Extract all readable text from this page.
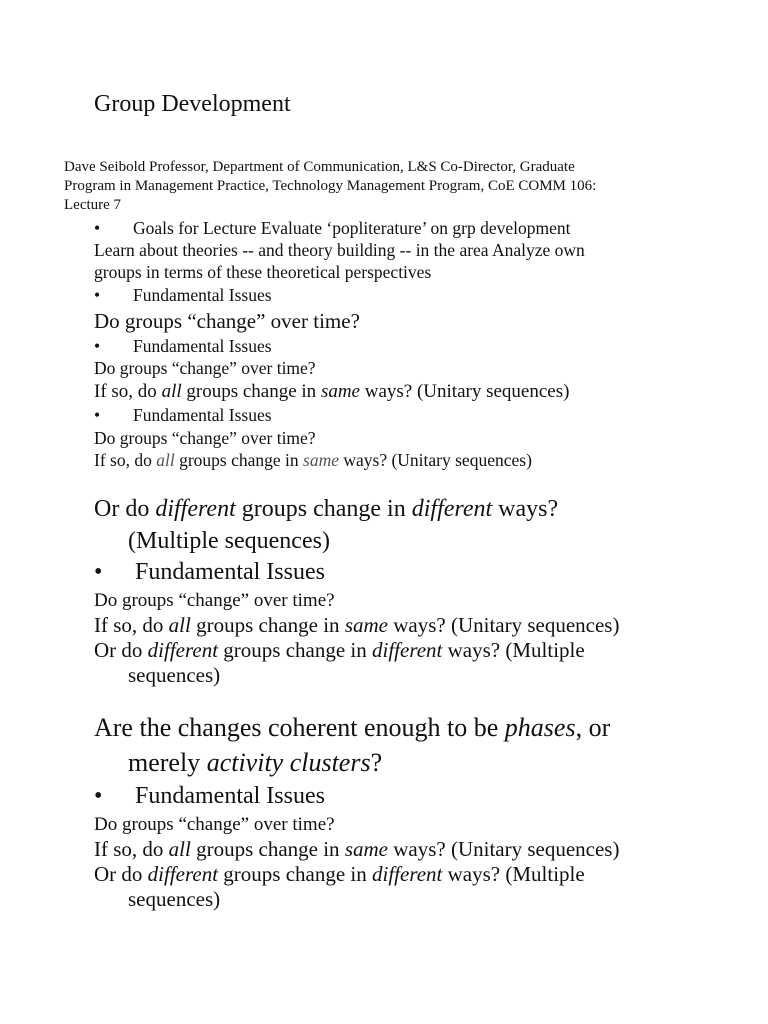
Group Development
Dave Seibold Professor, Department of Communication, L&S Co-Director, Graduate
Program in Management Practice, Technology Management Program, CoE COMM 106:
Lecture 7
• Goals for Lecture Evaluate ‘popliterature’ on grp development
Learn about theories -- and theory building -- in the area Analyze own
groups in terms of these theoretical perspectives
• Fundamental Issues
Do groups “change” over time?
• Fundamental Issues
Do groups “change” over time?
If so, do all groups change in same ways? (Unitary sequences)
• Fundamental Issues
Do groups “change” over time?
If so, do all groups change in same ways? (Unitary sequences)
Or do different groups change in different ways?
(Multiple sequences)
• Fundamental Issues
Do groups “change” over time?
If so, do all groups change in same ways? (Unitary sequences)
Or do different groups change in different ways? (Multiple
sequences)
Are the changes coherent enough to be phases, or
merely activity clusters?
• Fundamental Issues
Do groups “change” over time?
If so, do all groups change in same ways? (Unitary sequences)
Or do different groups change in different ways? (Multiple
sequences)
